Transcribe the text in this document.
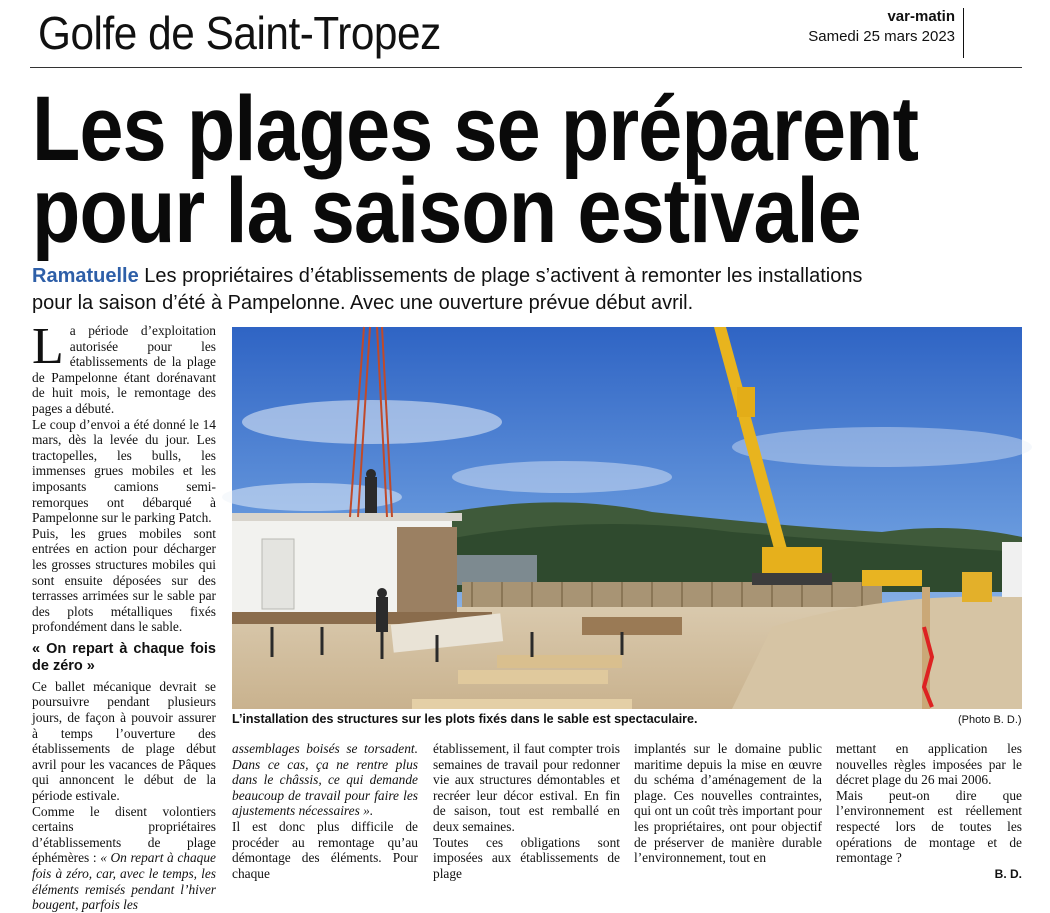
Golfe de Saint-Tropez	var-matin
Samedi 25 mars 2023
Les plages se préparent
pour la saison estivale
Ramatuelle Les propriétaires d’établissements de plage s’activent à remonter les installations
pour la saison d’été à Pampelonne. Avec une ouverture prévue début avril.

La période d’exploitation autorisée pour les établissements de la plage de Pampelonne étant dorénavant de huit mois, le remontage des pages a débuté.

Le coup d’envoi a été donné le 14 mars, dès la levée du jour. Les tractopelles, les bulls, les immenses grues mobiles et les imposants camions semi-remorques ont débarqué à Pampelonne sur le parking Patch.

Puis, les grues mobiles sont entrées en action pour décharger les grosses structures mobiles qui sont ensuite déposées sur des terrasses arrimées sur le sable par des plots métalliques fixés profondément dans le sable.

« On repart à chaque fois de zéro »

Ce ballet mécanique devrait se poursuivre pendant plusieurs jours, de façon à pouvoir assurer à temps l’ouverture des établissements de plage début avril pour les vacances de Pâques qui annoncent le début de la période estivale.

Comme le disent volontiers certains propriétaires d’établissements de plage éphémères : « On repart à chaque fois à zéro, car, avec le temps, les éléments remisés pendant l’hiver bougent, parfois les

L’installation des structures sur les plots fixés dans le sable est spectaculaire.	(Photo B. D.)

assemblages boisés se torsadent. Dans ce cas, ça ne rentre plus dans le châssis, ce qui demande beaucoup de travail pour faire les ajustements nécessaires ».

Il est donc plus difficile de procéder au remontage qu’au démontage des éléments. Pour chaque

établissement, il faut compter trois semaines de travail pour redonner vie aux structures démontables et recréer leur décor estival. En fin de saison, tout est remballé en deux semaines.

Toutes ces obligations sont imposées aux établissements de plage

implantés sur le domaine public maritime depuis la mise en œuvre du schéma d’aménagement de la plage. Ces nouvelles contraintes, qui ont un coût très important pour les propriétaires, ont pour objectif de préserver de manière durable l’environnement, tout en

mettant en application les nouvelles règles imposées par le décret plage du 26 mai 2006.

Mais peut-on dire que l’environnement est réellement respecté lors de toutes les opérations de montage et de remontage ?

B. D.
